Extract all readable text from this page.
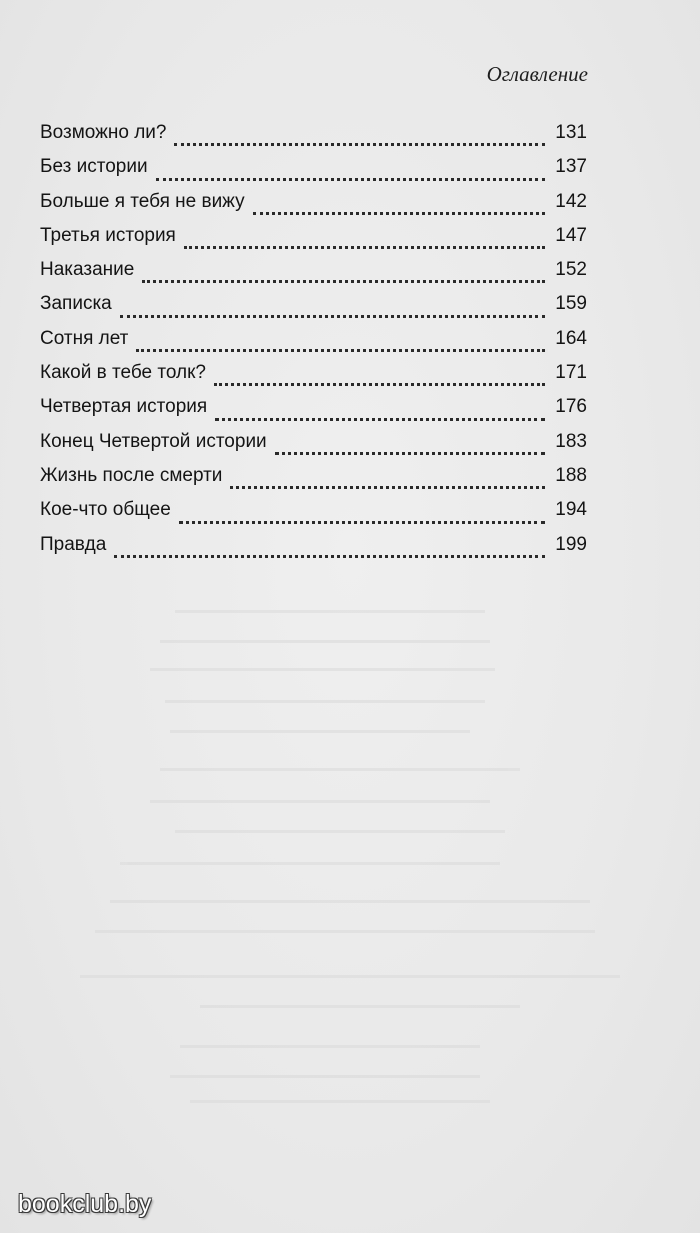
Оглавление
Возможно ли?	131
Без истории	137
Больше я тебя не вижу	142
Третья история	147
Наказание	152
Записка	159
Сотня лет	164
Какой в тебе толк?	171
Четвертая история	176
Конец Четвертой истории	183
Жизнь после смерти	188
Кое-что общее	194
Правда	199
bookclub.by
